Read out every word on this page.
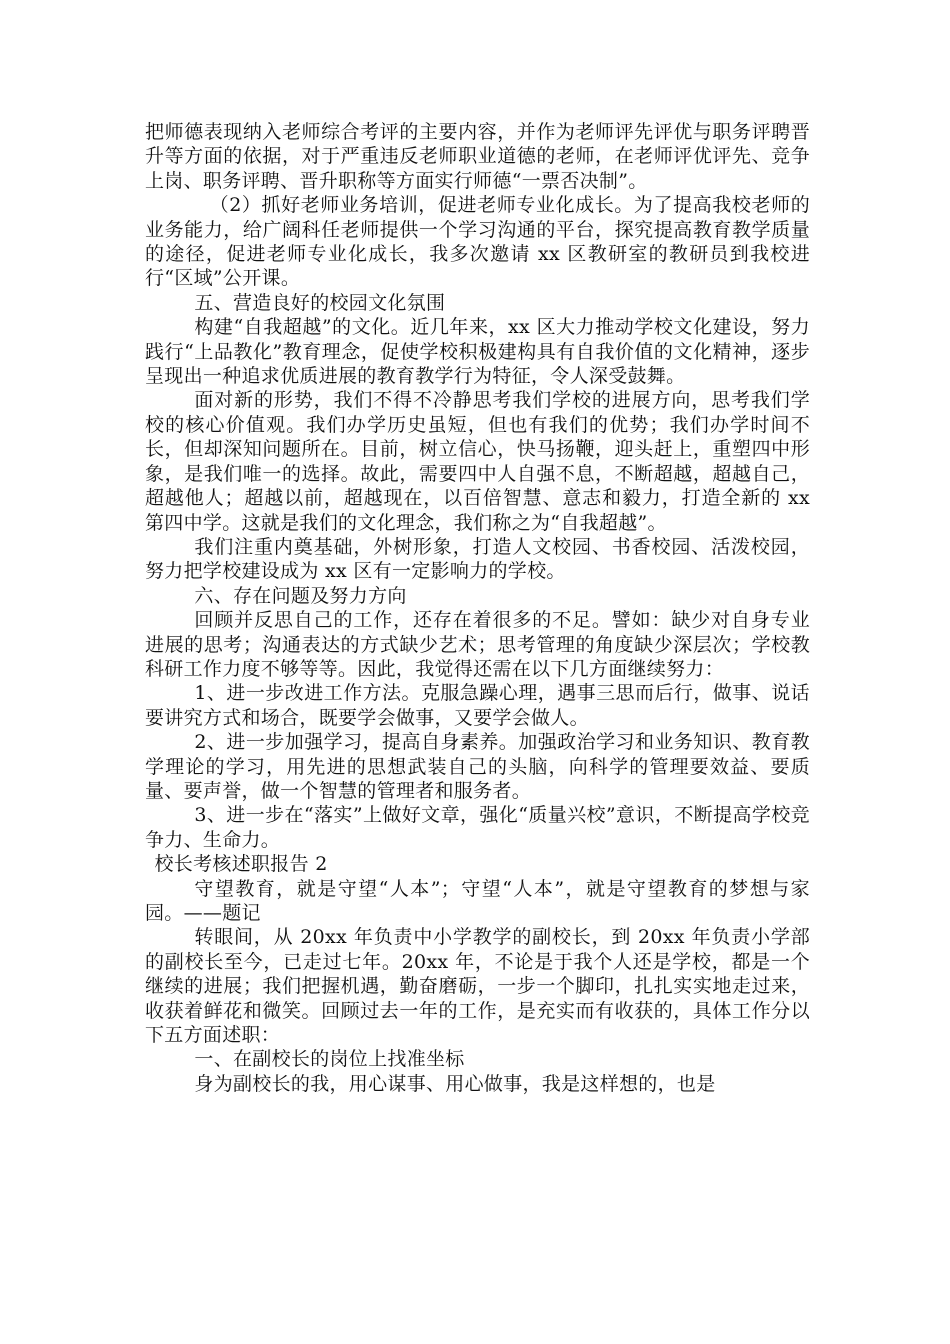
把师德表现纳入老师综合考评的主要内容，并作为老师评先评优与职务评聘晋升等方面的依据，对于严重违反老师职业道德的老师，在老师评优评先、竞争上岗、职务评聘、晋升职称等方面实行师德“一票否决制”。

（2）抓好老师业务培训，促进老师专业化成长。为了提高我校老师的业务能力，给广阔科任老师提供一个学习沟通的平台，探究提高教育教学质量的途径，促进老师专业化成长，我多次邀请 xx 区教研室的教研员到我校进行“区域”公开课。

五、营造良好的校园文化氛围

构建“自我超越”的文化。近几年来，xx 区大力推动学校文化建设，努力践行“上品教化”教育理念，促使学校积极建构具有自我价值的文化精神，逐步呈现出一种追求优质进展的教育教学行为特征，令人深受鼓舞。

面对新的形势，我们不得不冷静思考我们学校的进展方向，思考我们学校的核心价值观。我们办学历史虽短，但也有我们的优势；我们办学时间不长，但却深知问题所在。目前，树立信心，快马扬鞭，迎头赶上，重塑四中形象，是我们唯一的选择。故此，需要四中人自强不息，不断超越，超越自己，超越他人；超越以前，超越现在，以百倍智慧、意志和毅力，打造全新的 xx 第四中学。这就是我们的文化理念，我们称之为“自我超越”。

我们注重内奠基础，外树形象，打造人文校园、书香校园、活泼校园，努力把学校建设成为 xx 区有一定影响力的学校。

六、存在问题及努力方向

回顾并反思自己的工作，还存在着很多的不足。譬如：缺少对自身专业进展的思考；沟通表达的方式缺少艺术；思考管理的角度缺少深层次；学校教科研工作力度不够等等。因此，我觉得还需在以下几方面继续努力：

1、进一步改进工作方法。克服急躁心理，遇事三思而后行，做事、说话要讲究方式和场合，既要学会做事，又要学会做人。

2、进一步加强学习，提高自身素养。加强政治学习和业务知识、教育教学理论的学习，用先进的思想武装自己的头脑，向科学的管理要效益、要质量、要声誉，做一个智慧的管理者和服务者。

3、进一步在“落实”上做好文章，强化“质量兴校”意识，不断提高学校竞争力、生命力。

校长考核述职报告 2

守望教育，就是守望“人本”；守望“人本”，就是守望教育的梦想与家园。——题记

转眼间，从 20xx 年负责中小学教学的副校长，到 20xx 年负责小学部的副校长至今，已走过七年。20xx 年，不论是于我个人还是学校，都是一个继续的进展；我们把握机遇，勤奋磨砺，一步一个脚印，扎扎实实地走过来，收获着鲜花和微笑。回顾过去一年的工作，是充实而有收获的，具体工作分以下五方面述职：

一、在副校长的岗位上找准坐标

身为副校长的我，用心谋事、用心做事，我是这样想的，也是
